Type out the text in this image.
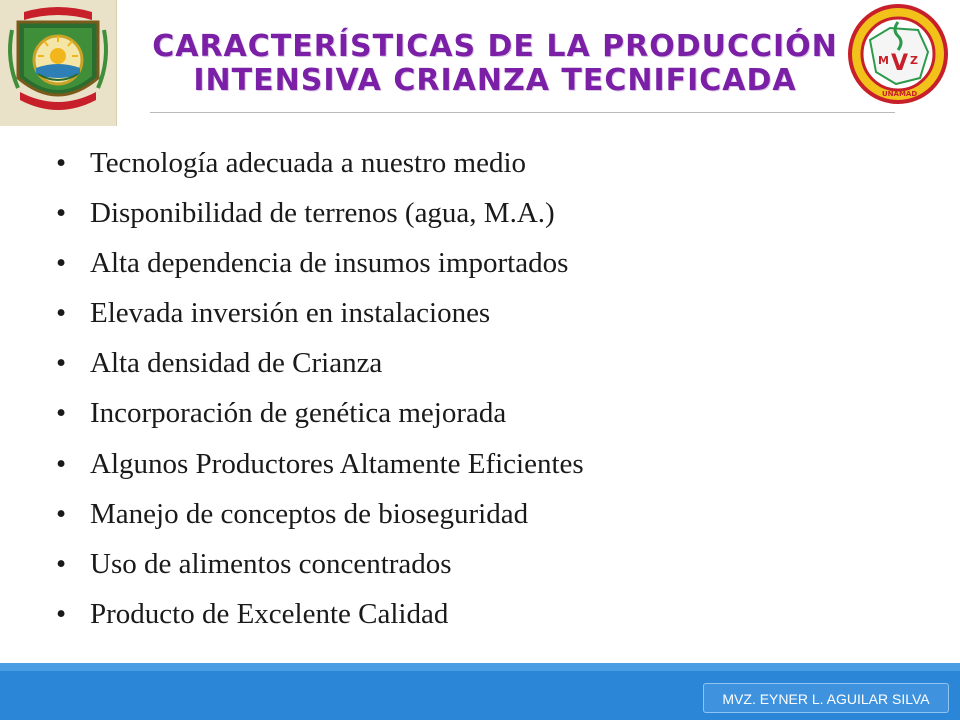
CARACTERÍSTICAS DE LA PRODUCCIÓN
INTENSIVA CRIANZA TECNIFICADA
M V Z
UNAMAD
• Tecnología adecuada a nuestro medio
• Disponibilidad de terrenos (agua, M.A.)
• Alta dependencia de insumos importados
• Elevada inversión en instalaciones
• Alta densidad de Crianza
• Incorporación de genética mejorada
• Algunos Productores Altamente Eficientes
• Manejo de conceptos de bioseguridad
• Uso de alimentos concentrados
• Producto de Excelente Calidad
MVZ. EYNER L. AGUILAR SILVA
